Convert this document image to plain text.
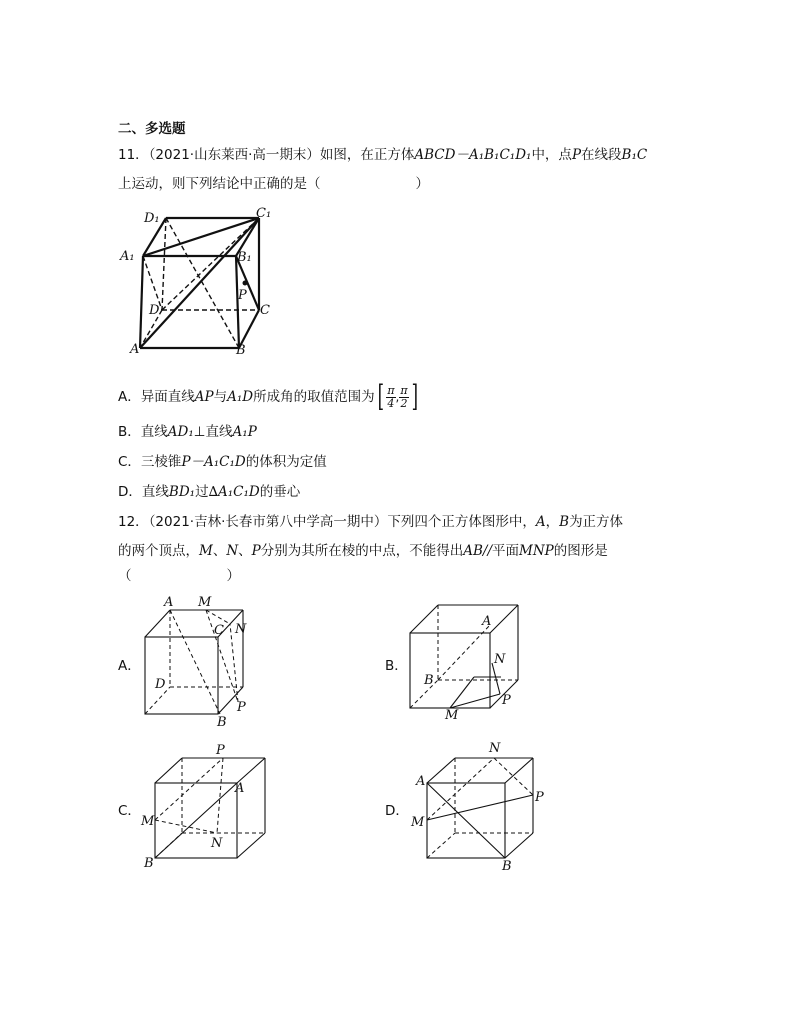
二、多选题
11．（2021·山东莱西·高一期末）如图，在正方体ABCD－A₁B₁C₁D₁中，点P在线段B₁C
上运动，则下列结论中正确的是（	）
D₁	C₁
A₁	B₁
P
D	C
A	B
A．异面直线AP与A₁D所成角的取值范围为[ $\frac{\pi}{4}$ , $\frac{\pi}{2}$ ]
B．直线AD₁⊥直线A₁P
C．三棱锥P－A₁C₁D的体积为定值
D．直线BD₁过∆A₁C₁D的垂心
12．（2021·吉林·长春市第八中学高一期中）下列四个正方体图形中，A，B为正方体
的两个顶点，M、N、P分别为其所在棱的中点，不能得出AB//平面MNP的图形是
（	）
A．
A M
C N
D
P
B
B．
A
N
B
P
M
C．
P
A
M
N
B
D．
N
A
P
M
B
